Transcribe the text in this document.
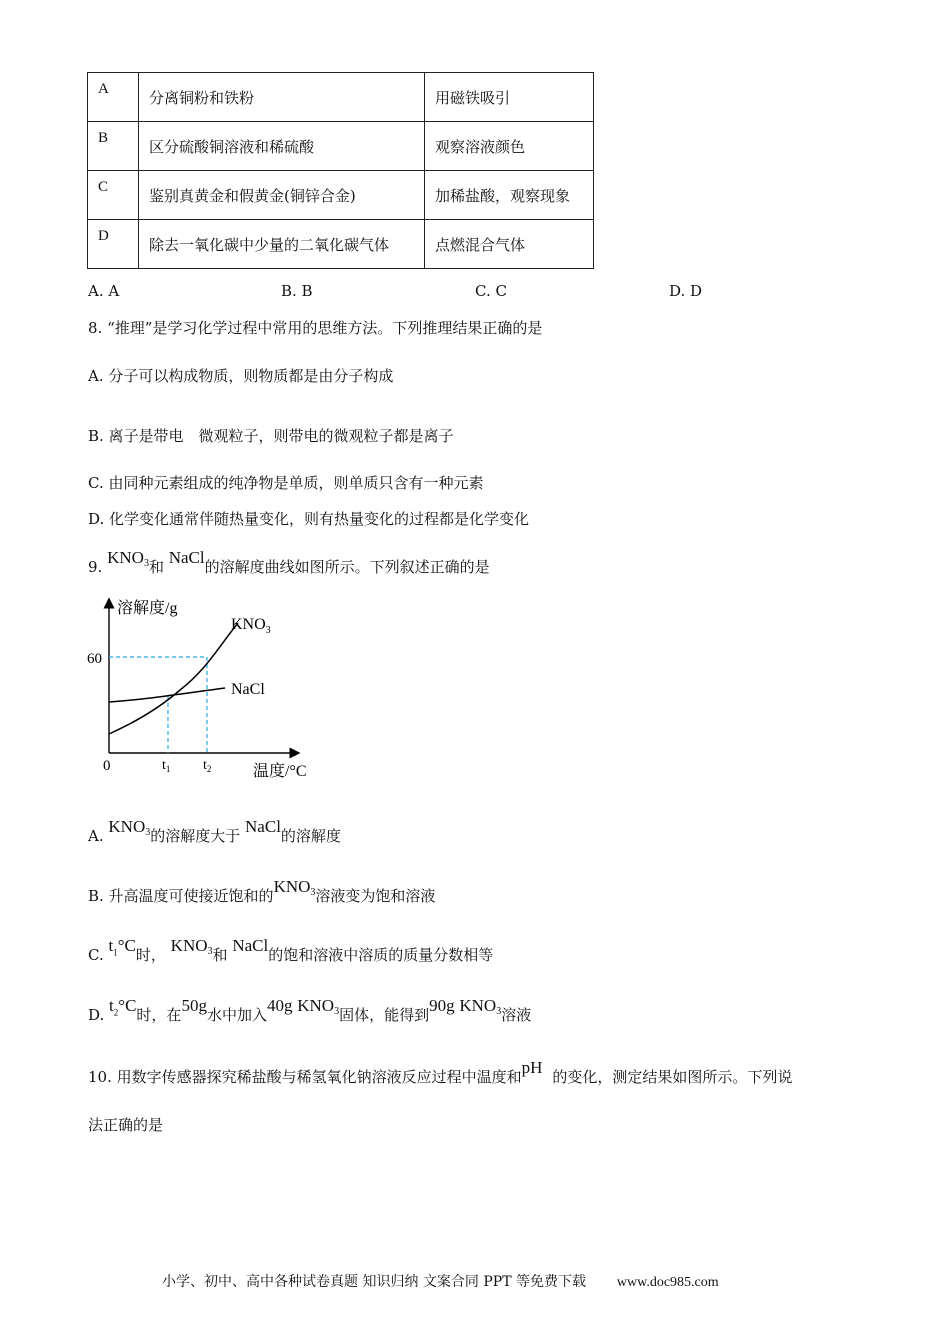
A	分离铜粉和铁粉	用磁铁吸引
B	区分硫酸铜溶液和稀硫酸	观察溶液颜色
C	鉴别真黄金和假黄金(铜锌合金)	加稀盐酸，观察现象
D	除去一氧化碳中少量的二氧化碳气体	点燃混合气体
A. A	B. B	C. C	D. D
8. “推理”是学习化学过程中常用的思维方法。下列推理结果正确的是
A. 分子可以构成物质，则物质都是由分子构成
B. 离子是带电　微观粒子，则带电的微观粒子都是离子
C. 由同种元素组成的纯净物是单质，则单质只含有一种元素
D. 化学变化通常伴随热量变化，则有热量变化的过程都是化学变化
9. $KNO_3$和 NaCl的溶解度曲线如图所示。下列叙述正确的是
溶解度/g
温度/°C
0
60
$KNO_3$
NaCl
$t_1$ $t_2$
A. $KNO_3$的溶解度大于 NaCl的溶解度
B. 升高温度可使接近饱和的$KNO_3$溶液变为饱和溶液
C. $t_1^\circ C$时， $KNO_3$和 NaCl的饱和溶液中溶质的质量分数相等
D. $t_2^\circ C$时，在50g水中加入40g $KNO_3$固体，能得到90g $KNO_3$溶液
10. 用数字传感器探究稀盐酸与稀氢氧化钠溶液反应过程中温度和pH 的变化，测定结果如图所示。下列说
法正确的是
小学、初中、高中各种试卷真题 知识归纳 文案合同 PPT 等免费下载 www.doc985.com
